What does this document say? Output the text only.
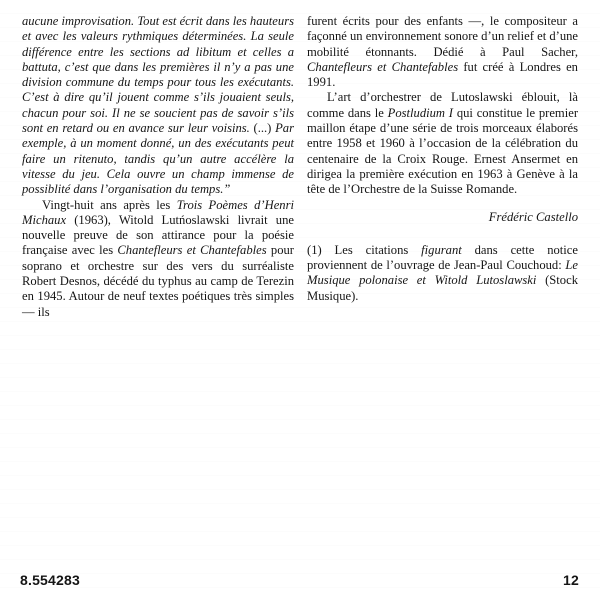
aucune improvisation. Tout est écrit dans les hauteurs et avec les valeurs rythmiques déterminées. La seule différence entre les sections ad libitum et celles a battuta, c’est que dans les premières il n’y a pas une division commune du temps pour tous les exécutants. C’est à dire qu’il jouent comme s’ils jouaient seuls, chacun pour soi. Il ne se soucient pas de savoir s’ils sont en retard ou en avance sur leur voisins. (...) Par exemple, à un moment donné, un des exécutants peut faire un ritenuto, tandis qu’un autre accélère la vitesse du jeu. Cela ouvre un champ immense de possiblité dans l’organisation du temps.”

Vingt-huit ans après les Trois Poèmes d’Henri Michaux (1963), Witold Lutńoslawski livrait une nouvelle preuve de son attirance pour la poésie française avec les Chantefleurs et Chantefables pour soprano et orchestre sur des vers du surréaliste Robert Desnos, décédé du typhus au camp de Terezin en 1945. Autour de neuf textes poétiques très simples — ils

furent écrits pour des enfants —, le compositeur a façonné un environnement sonore d’un relief et d’une mobilité étonnants. Dédié à Paul Sacher, Chantefleurs et Chantefables fut créé à Londres en 1991.

L’art d’orchestrer de Lutoslawski éblouit, là comme dans le Postludium I qui constitue le premier maillon étape d’une série de trois morceaux élaborés entre 1958 et 1960 à l’occasion de la célébration du centenaire de la Croix Rouge. Ernest Ansermet en dirigea la première exécution en 1963 à Genève à la tête de l’Orchestre de la Suisse Romande.

Frédéric Castello

(1) Les citations figurant dans cette notice proviennent de l’ouvrage de Jean-Paul Couchoud: Le Musique polonaise et Witold Lutoslawski (Stock Musique).

8.554283	12
